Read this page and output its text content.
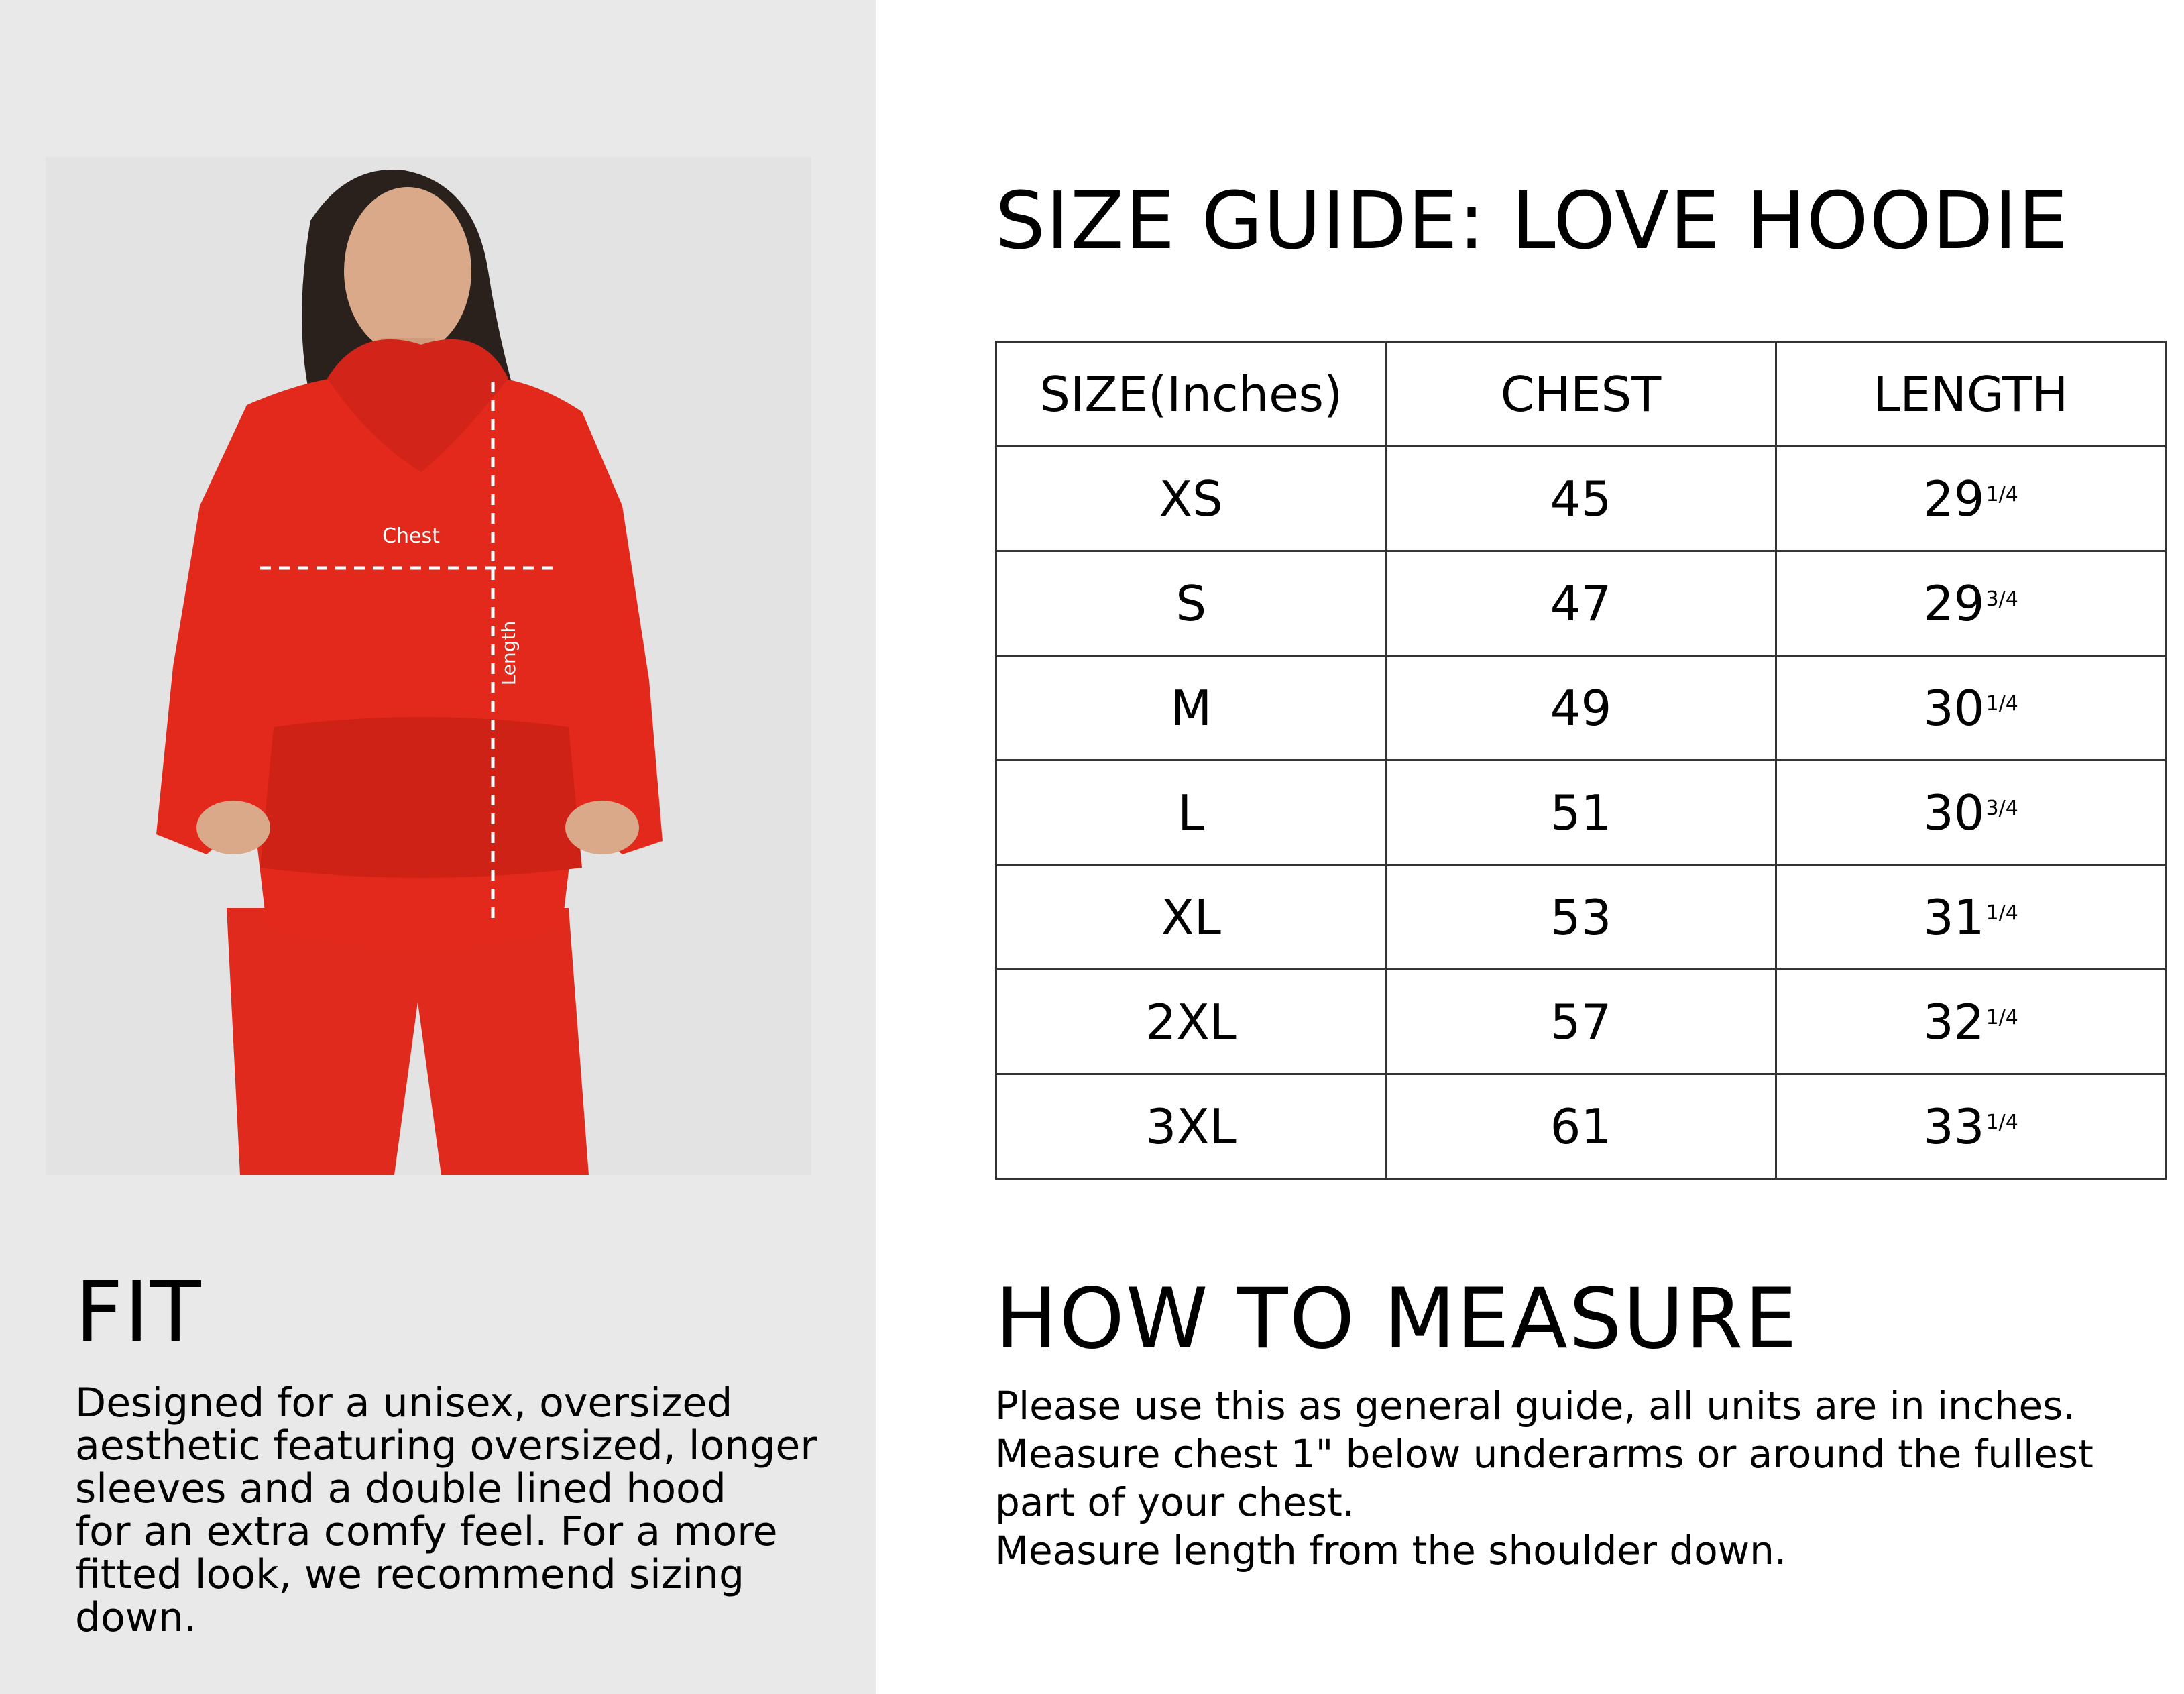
Chest
Length
FIT

Designed for a unisex, oversized
aesthetic featuring oversized, longer
sleeves and a double lined hood
for an extra comfy feel. For a more
fitted look, we recommend sizing
down.

SIZE GUIDE: LOVE HOODIE
SIZE(Inches)	CHEST	LENGTH
XS	45	$29^{1/4}$
S	47	$29^{3/4}$
M	49	$30^{1/4}$
L	51	$30^{3/4}$
XL	53	$31^{1/4}$
2XL	57	$32^{1/4}$
3XL	61	$33^{1/4}$
HOW TO MEASURE

Please use this as general guide, all units are in inches.
Measure chest 1" below underarms or around the fullest
part of your chest.
Measure length from the shoulder down.
